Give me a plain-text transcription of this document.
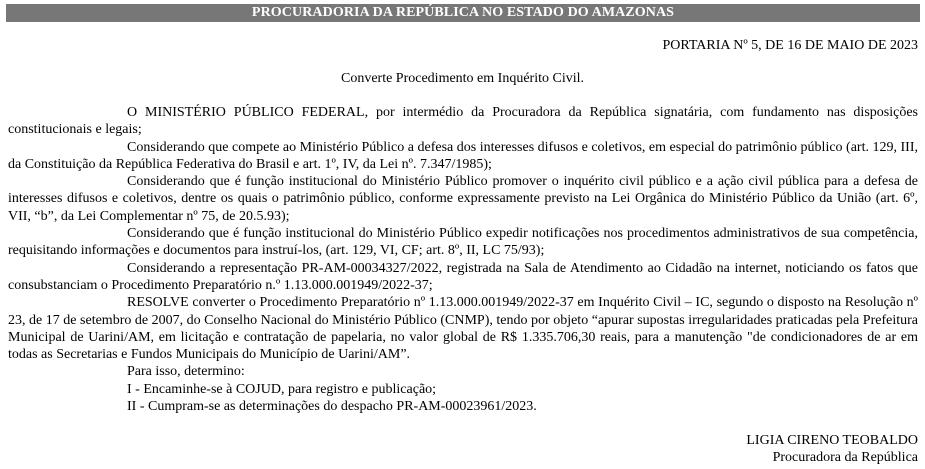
PROCURADORIA DA REPÚBLICA NO ESTADO DO AMAZONAS
PORTARIA Nº 5, DE 16 DE MAIO DE 2023
Converte Procedimento em Inquérito Civil.

O MINISTÉRIO PÚBLICO FEDERAL, por intermédio da Procuradora da República signatária, com fundamento nas disposições constitucionais e legais;

Considerando que compete ao Ministério Público a defesa dos interesses difusos e coletivos, em especial do patrimônio público (art. 129, III, da Constituição da República Federativa do Brasil e art. 1º, IV, da Lei nº. 7.347/1985);

Considerando que é função institucional do Ministério Público promover o inquérito civil público e a ação civil pública para a defesa de interesses difusos e coletivos, dentre os quais o patrimônio público, conforme expressamente previsto na Lei Orgânica do Ministério Público da União (art. 6º, VII, “b”, da Lei Complementar nº 75, de 20.5.93);

Considerando que é função institucional do Ministério Público expedir notificações nos procedimentos administrativos de sua competência, requisitando informações e documentos para instruí-los, (art. 129, VI, CF; art. 8º, II, LC 75/93);

Considerando a representação PR-AM-00034327/2022, registrada na Sala de Atendimento ao Cidadão na internet, noticiando os fatos que consubstanciam o Procedimento Preparatório n.º 1.13.000.001949/2022-37;

RESOLVE converter o Procedimento Preparatório nº 1.13.000.001949/2022-37 em Inquérito Civil – IC, segundo o disposto na Resolução nº 23, de 17 de setembro de 2007, do Conselho Nacional do Ministério Público (CNMP), tendo por objeto “apurar supostas irregularidades praticadas pela Prefeitura Municipal de Uarini/AM, em licitação e contratação de papelaria, no valor global de R$ 1.335.706,30 reais, para a manutenção "de condicionadores de ar em todas as Secretarias e Fundos Municipais do Município de Uarini/AM”.

Para isso, determino:

I - Encaminhe-se à COJUD, para registro e publicação;

II - Cumpram-se as determinações do despacho PR-AM-00023961/2023.

LIGIA CIRENO TEOBALDO
Procuradora da República
